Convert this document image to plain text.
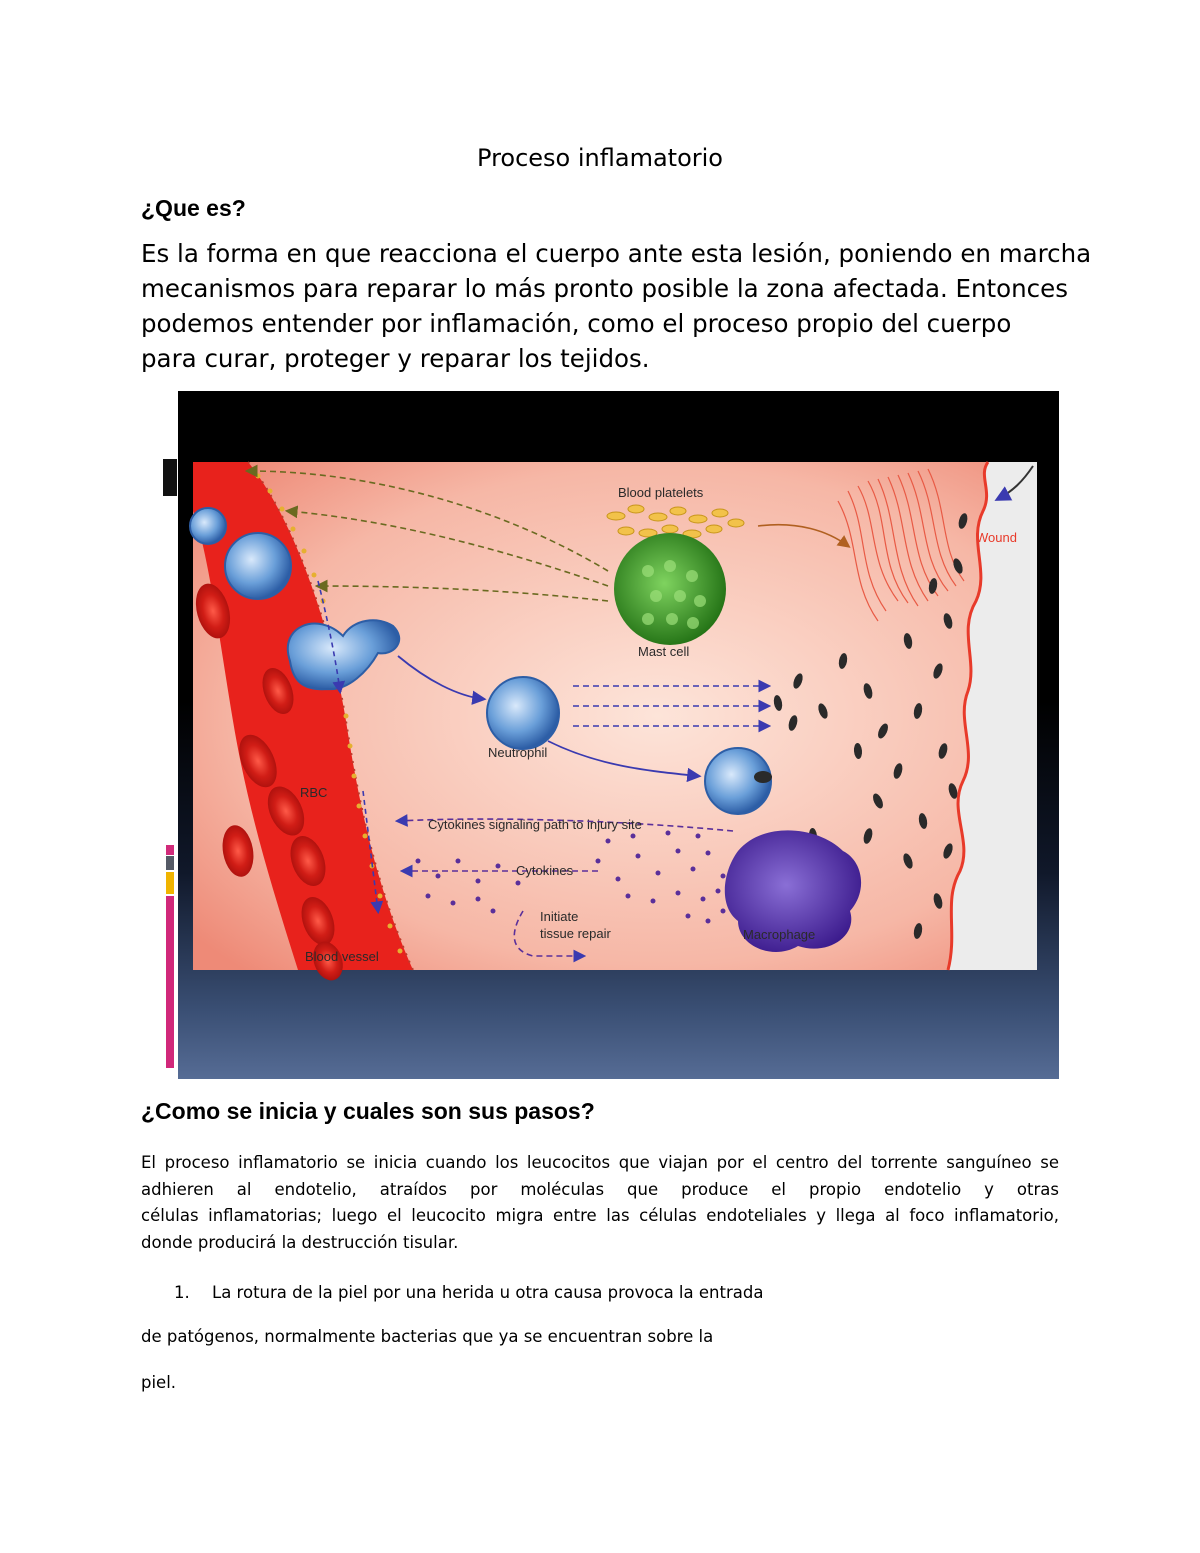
Proceso inflamatorio
¿Que es?
Es la forma en que reacciona el cuerpo ante esta lesión, poniendo en marcha
mecanismos para reparar lo más pronto posible la zona afectada. Entonces
podemos entender por inflamación, como el proceso propio del cuerpo
para curar, proteger y reparar los tejidos.
Blood platelets
Wound
Mast cell
Neutrophil
RBC
Cytokines signaling path to injury site
Cytokines
Initiate
tissue repair	Macrophage
Blood vessel
¿Como se inicia y cuales son sus pasos?
El proceso inflamatorio se inicia cuando los leucocitos que viajan por el centro del torrente sanguíneo se
adhieren al endotelio, atraídos por moléculas que produce el propio endotelio y otras
células inflamatorias; luego el leucocito migra entre las células endoteliales y llega al foco inflamatorio,
donde producirá la destrucción tisular.
1. La rotura de la piel por una herida u otra causa provoca la entrada
de patógenos, normalmente bacterias que ya se encuentran sobre la
piel.
